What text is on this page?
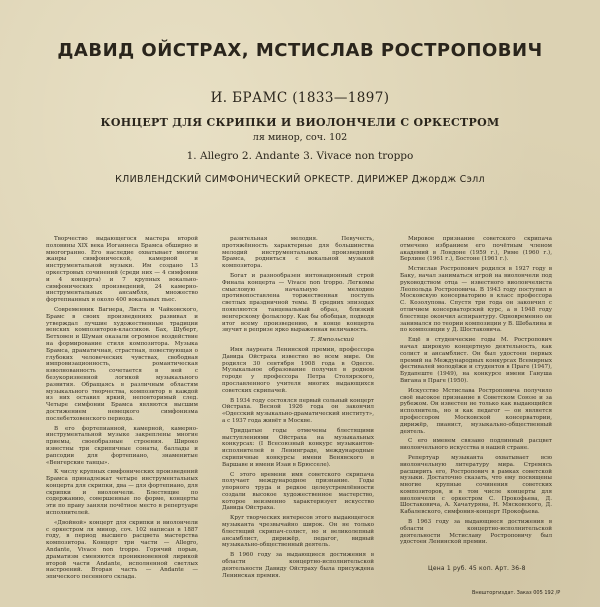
ДАВИД ОЙСТРАХ, МСТИСЛАВ РОСТРОПОВИЧ
И. БРАМС (1833—1897)
КОНЦЕРТ ДЛЯ СКРИПКИ И ВИОЛОНЧЕЛИ С ОРКЕСТРОМ
ля минор, соч. 102
1. Allegro 2. Andante 3. Vivace non troppo
КЛИВЛЕНДСКИЙ СИМФОНИЧЕСКИЙ ОРКЕСТР. ДИРИЖЕР Джордж Сэлл

Творчество выдающегося мастера второй половины XIX века Иоганнеса Брамса обширно и многогранно. Его наследие охватывает многие жанры симфонической, камерной и инструментальной музыки. Им создано 13 оркестровых сочинений (среди них — 4 симфонии и 4 концерта) и 7 крупных вокально-симфонических произведений, 24 камерно-инструментальных ансамбля, множество фортепианных и около 400 вокальных пьес.

Современник Вагнера, Листа и Чайковского, Брамс в своих произведениях развивал и утверждал лучшие художественные традиции венских композиторов-классиков. Бах, Шуберт, Бетховен и Шуман оказали огромное воздействие на формирование стиля композитора. Музыка Брамса, драматичная, страстная, повествующая о глубоких человеческих чувствах, свободная импровизационность, романтическая взволнованность сочетается в ней с безукоризненной логикой музыкального развития. Обращаясь в различным областям музыкального творчества, композитор в каждой из них оставил яркий, неповторимый след. Четыре симфонии Брамса являются высшим достижением немецкого симфонизма послебетховенского периода.

В его фортепианной, камерной, камерно-инструментальной музыке закреплены многие приемы, своеобразные строения. Широко известны три скрипичные сонаты, баллады и рапсодии для фортепиано, знаменитые «Венгерские танцы».

К числу крупных симфонических произведений Брамса принадлежат четыре инструментальных концерта для скрипки, два — для фортепиано, для скрипки и виолончели. Блестящие по содержанию, совершенные по форме, концерты эти по праву заняли почётное место в репертуаре исполнителей.

«Двойной» концерт для скрипки и виолончели с оркестром ля минор, соч. 102 написан в 1887 году, в период высшего расцвета мастерства композитора. Концерт три части — Allegro, Andante, Vivace non troppo. Горячий порыв, драматизм сменяются проникновенной лирикой второй части Andante, исполненной светлых настроений. Вторая часть — Andante — эпического песенного склада.

разительная мелодия. Певучесть, протяжённость характерные для большинства мелодий инструментальных произведений Брамса, родниться с вокальной музыкой композитора.

Богат и разнообразен интонационный строй Финала концерта — Vivace non troppo. Легкомы смысловую начальную мелодию противопоставлена торжественная поступь светлых праздничной темы. В средних эпизодах появляются танцевальный образ, близкий венгерскому фольклору. Как бы обобщая, подводя итог всему произведению, в конце концерта звучит в репризе ярко выраженная величавость.

Т. Ямпольский

Имя лауреата Ленинской премии, профессора Давида Ойстраха известно во всем мире. Он родился 30 сентября 1908 года в Одессе. Музыкальное образование получил в родном городе у профессора Петра Столярского, прославленного учителя многих выдающихся советских скрипачей.

В 1934 году состоялся первый сольный концерт Ойстраха. Весной 1926 года он закончил «Одесский музыкально-драматический институт», а с 1937 года живёт в Москве.

Тридцатые годы отмечены блестящими выступлениями Ойстраха на музыкальных конкурсах: (I Всесоюзный конкурс музыкантов-исполнителей в Ленинграде, международные скрипичные конкурсы имени Венявского в Варшаве и имени Изаи в Брюсселе).

С этого времени имя советского скрипача получает международное признание. Годы упорного труда и редкое целеустремлённости создали высокое художественное мастерство, которое неизменно характеризует искусство Давида Ойстраха.

Круг творческих интересов этого выдающегося музыканта чрезвычайно широк. Он не только блестящий скрипач-солист, но и великолепный ансамблист, дирижёр, педагог, видный музыкально-общественный деятель.

В 1960 году за выдающиеся достижения в области концертно-исполнительской деятельности Давиду Ойстраху была присуждена Ленинская премия.

Мировое признание советского скрипача отмечено избранием его почётным членом академий в Лондоне (1959 г.), Риме (1960 г.), Берлине (1961 г.), Бостоне (1961 г.).

Мстислав Ростропович родился в 1927 году в Баку, начал заниматься игрой на виолончели под руководством отца — известного виолончелиста Леопольда Ростроповича. В 1943 году поступил в Московскую консерваторию в класс профессора С. Козолупова. Спустя три года он закончил с отличием консерваторский курс, а в 1948 году блестяще окончил аспирантуру. Одновременно он занимался по теории композиции у В. Шебалина и по композиции у Д. Шостаковича.

Ещё в студенческие годы М. Ростропович начал широкую концертную деятельность, как солист и ансамблист. Он был удостоен первых премий на Международных конкурсах Всемирных фестивалей молодёжи и студентов в Праге (1947), Будапеште (1949), на конкурсе имени Гануша Вигана в Праге (1950).

Искусство Мстислава Ростроповича получило своё высокое признание в Советском Союзе и за рубежом. Он известен не только как выдающийся исполнитель, но и как педагог — он является профессором Московской консерватории, дирижёр, пианист, музыкально-общественный деятель.

С его именем связано подлинный расцвет виолончельного искусства в нашей стране.

Репертуар музыканта охватывает всю виолончельную литературу мира. Стремясь расширить его, Ростропович в рамках советской музыки. Достаточно сказать, что ему посвящены многие крупные сочинения советских композиторов, и в том числе концерты для виолончели с оркестром С. Прокофьева, Д. Шостаковича, А. Хачатуряна, Н. Мясковского, Д. Кабалевского, симфония-концерт Прокофьева.

В 1963 году за выдающиеся достижения в области концертно-исполнительской деятельности Мстиславу Ростроповичу был удостоен Ленинской премии.

Цена 1 руб. 45 коп. Арт. 36-8
Внешторгиздат. Заказ 005 192 /Р
